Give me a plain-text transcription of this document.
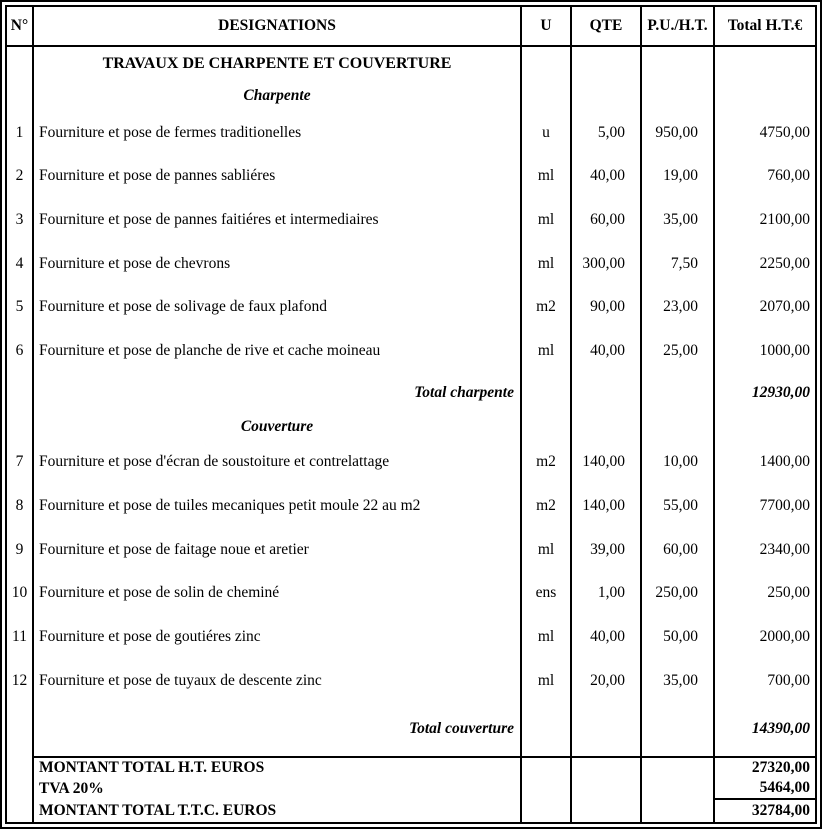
N°	DESIGNATIONS	U	QTE	P.U./H.T.	Total H.T.€
TRAVAUX DE CHARPENTE ET COUVERTURE
Charpente
1	Fourniture et pose de fermes traditionelles	u	5,00	950,00	4750,00
2	Fourniture et pose de pannes sabliéres	ml	40,00	19,00	760,00
3	Fourniture et pose de pannes faitiéres et intermediaires	ml	60,00	35,00	2100,00
4	Fourniture et pose de chevrons	ml	300,00	7,50	2250,00
5	Fourniture et pose de solivage de faux plafond	m2	90,00	23,00	2070,00
6	Fourniture et pose de planche de rive et cache moineau	ml	40,00	25,00	1000,00
Total charpente	12930,00
Couverture
7	Fourniture et pose d'écran de soustoiture et contrelattage	m2	140,00	10,00	1400,00
8	Fourniture et pose de tuiles mecaniques petit moule 22 au m2	m2	140,00	55,00	7700,00
9	Fourniture et pose de faitage noue et aretier	ml	39,00	60,00	2340,00
10 Fourniture et pose de solin de cheminé	ens	1,00	250,00	250,00
11 Fourniture et pose de goutiéres zinc	ml	40,00	50,00	2000,00
12 Fourniture et pose de tuyaux de descente zinc	ml	20,00	35,00	700,00
Total couverture	14390,00
MONTANT TOTAL H.T. EUROS	27320,00
TVA 20%	5464,00
MONTANT TOTAL T.T.C. EUROS	32784,00
